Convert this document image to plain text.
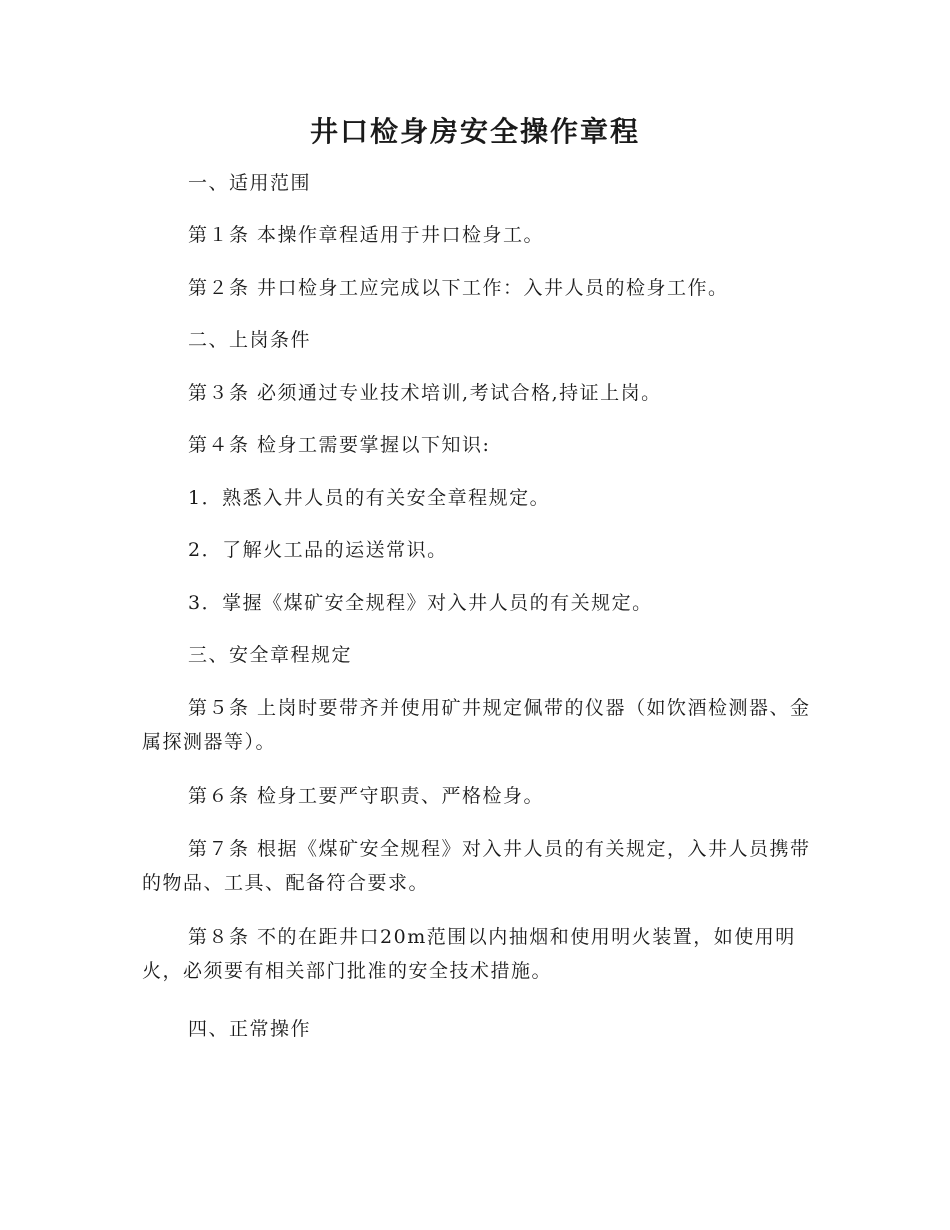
井口检身房安全操作章程
一、适用范围
第１条 本操作章程适用于井口检身工。
第２条 井口检身工应完成以下工作：入井人员的检身工作。
二、上岗条件
第３条 必须通过专业技术培训,考试合格,持证上岗。
第４条 检身工需要掌握以下知识:
1．熟悉入井人员的有关安全章程规定。
2．了解火工品的运送常识。
3．掌握《煤矿安全规程》对入井人员的有关规定。
三、安全章程规定
第５条 上岗时要带齐并使用矿井规定佩带的仪器（如饮酒检测器、金属探测器等）。
第６条 检身工要严守职责、严格检身。
第７条 根据《煤矿安全规程》对入井人员的有关规定，入井人员携带的物品、工具、配备符合要求。
第８条 不的在距井口20m范围以内抽烟和使用明火装置，如使用明火，必须要有相关部门批准的安全技术措施。
四、正常操作
